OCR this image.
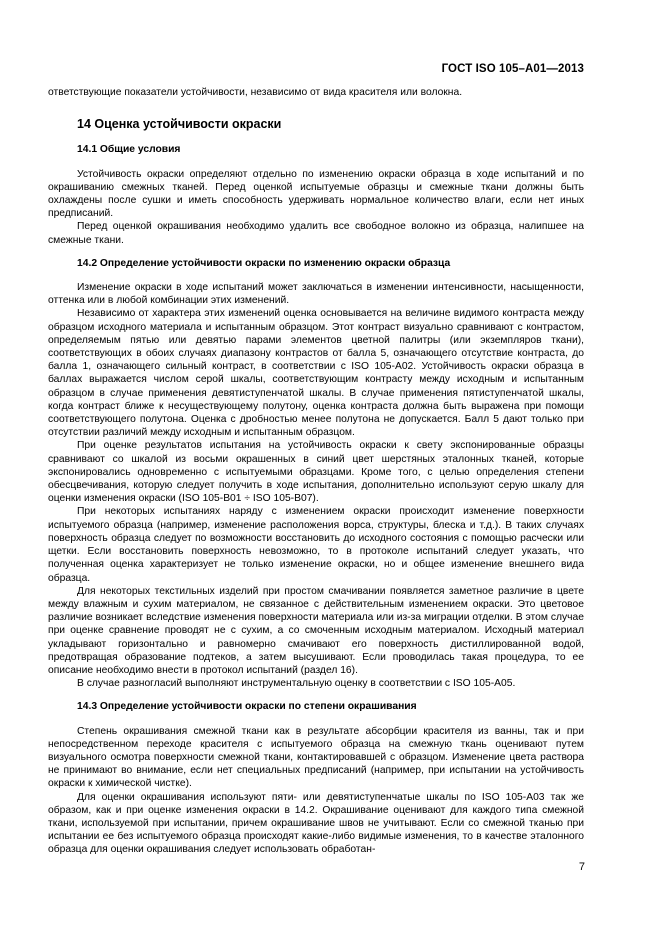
ГОСТ ISO 105–A01—2013

ответствующие показатели устойчивости, независимо от вида красителя или волокна.

14 Оценка устойчивости окраски
14.1 Общие условия

Устойчивость окраски определяют отдельно по изменению окраски образца в ходе испытаний и по окрашиванию смежных тканей. Перед оценкой испытуемые образцы и смежные ткани должны быть охлаждены после сушки и иметь способность удерживать нормальное количество влаги, если нет иных предписаний.

Перед оценкой окрашивания необходимо удалить все свободное волокно из образца, налипшее на смежные ткани.

14.2 Определение устойчивости окраски по изменению окраски образца

Изменение окраски в ходе испытаний может заключаться в изменении интенсивности, насыщенности, оттенка или в любой комбинации этих изменений.

Независимо от характера этих изменений оценка основывается на величине видимого контраста между образцом исходного материала и испытанным образцом. Этот контраст визуально сравнивают с контрастом, определяемым пятью или девятью парами элементов цветной палитры (или экземпляров ткани), соответствующих в обоих случаях диапазону контрастов от балла 5, означающего отсутствие контраста, до балла 1, означающего сильный контраст, в соответствии с ISO 105-A02. Устойчивость окраски образца в баллах выражается числом серой шкалы, соответствующим контрасту между исходным и испытанным образцом в случае применения девятиступенчатой шкалы. В случае применения пятиступенчатой шкалы, когда контраст ближе к несуществующему полутону, оценка контраста должна быть выражена при помощи соответствующего полутона. Оценка с дробностью менее полутона не допускается. Балл 5 дают только при отсутствии различий между исходным и испытанным образцом.

При оценке результатов испытания на устойчивость окраски к свету экспонированные образцы сравнивают со шкалой из восьми окрашенных в синий цвет шерстяных эталонных тканей, которые экспонировались одновременно с испытуемыми образцами. Кроме того, с целью определения степени обесцвечивания, которую следует получить в ходе испытания, дополнительно используют серую шкалу для оценки изменения окраски (ISO 105-B01 ÷ ISO 105-B07).

При некоторых испытаниях наряду с изменением окраски происходит изменение поверхности испытуемого образца (например, изменение расположения ворса, структуры, блеска и т.д.). В таких случаях поверхность образца следует по возможности восстановить до исходного состояния с помощью расчески или щетки. Если восстановить поверхность невозможно, то в протоколе испытаний следует указать, что полученная оценка характеризует не только изменение окраски, но и общее изменение внешнего вида образца.

Для некоторых текстильных изделий при простом смачивании появляется заметное различие в цвете между влажным и сухим материалом, не связанное с действительным изменением окраски. Это цветовое различие возникает вследствие изменения поверхности материала или из-за миграции отделки. В этом случае при оценке сравнение проводят не с сухим, а со смоченным исходным материалом. Исходный материал укладывают горизонтально и равномерно смачивают его поверхность дистиллированной водой, предотвращая образование подтеков, а затем высушивают. Если проводилась такая процедура, то ее описание необходимо внести в протокол испытаний (раздел 16).

В случае разногласий выполняют инструментальную оценку в соответствии с ISO 105-A05.

14.3 Определение устойчивости окраски по степени окрашивания

Степень окрашивания смежной ткани как в результате абсорбции красителя из ванны, так и при непосредственном переходе красителя с испытуемого образца на смежную ткань оценивают путем визуального осмотра поверхности смежной ткани, контактировавшей с образцом. Изменение цвета раствора не принимают во внимание, если нет специальных предписаний (например, при испытании на устойчивость окраски к химической чистке).

Для оценки окрашивания используют пяти- или девятиступенчатые шкалы по ISO 105-A03 так же образом, как и при оценке изменения окраски в 14.2. Окрашивание оценивают для каждого типа смежной ткани, используемой при испытании, причем окрашивание швов не учитывают. Если со смежной тканью при испытании ее без испытуемого образца происходят какие-либо видимые изменения, то в качестве эталонного образца для оценки окрашивания следует использовать обработан-

7
